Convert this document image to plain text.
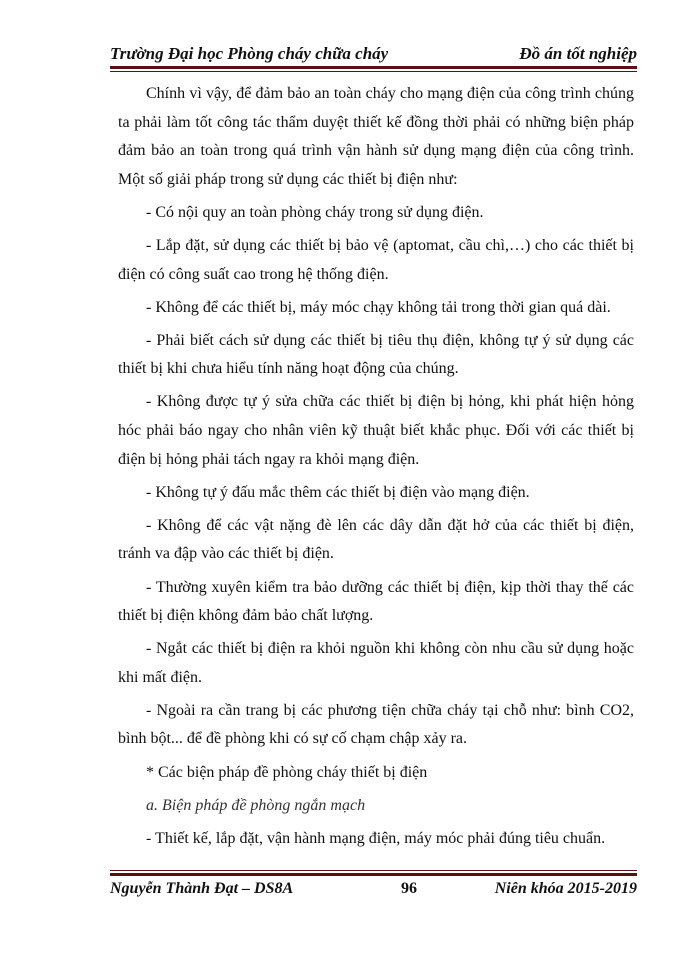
Trường Đại học Phòng cháy chữa cháy	Đồ án tốt nghiệp

Chính vì vậy, để đảm bảo an toàn cháy cho mạng điện của công trình chúng ta phải làm tốt công tác thẩm duyệt thiết kế đồng thời phải có những biện pháp đảm bảo an toàn trong quá trình vận hành sử dụng mạng điện của công trình. Một số giải pháp trong sử dụng các thiết bị điện như:

- Có nội quy an toàn phòng cháy trong sử dụng điện.

- Lắp đặt, sử dụng các thiết bị bảo vệ (aptomat, cầu chì,…) cho các thiết bị điện có công suất cao trong hệ thống điện.

- Không để các thiết bị, máy móc chạy không tải trong thời gian quá dài.

- Phải biết cách sử dụng các thiết bị tiêu thụ điện, không tự ý sử dụng các thiết bị khi chưa hiểu tính năng hoạt động của chúng.

- Không được tự ý sửa chữa các thiết bị điện bị hỏng, khi phát hiện hỏng hóc phải báo ngay cho nhân viên kỹ thuật biết khắc phục. Đối với các thiết bị điện bị hỏng phải tách ngay ra khỏi mạng điện.

- Không tự ý đấu mắc thêm các thiết bị điện vào mạng điện.

- Không để các vật nặng đè lên các dây dẫn đặt hở của các thiết bị điện, tránh va đập vào các thiết bị điện.

- Thường xuyên kiểm tra bảo dưỡng các thiết bị điện, kịp thời thay thế các thiết bị điện không đảm bảo chất lượng.

- Ngắt các thiết bị điện ra khỏi nguồn khi không còn nhu cầu sử dụng hoặc khi mất điện.

- Ngoài ra cần trang bị các phương tiện chữa cháy tại chỗ như: bình CO2, bình bột... để đề phòng khi có sự cố chạm chập xảy ra.

* Các biện pháp đề phòng cháy thiết bị điện

a. Biện pháp đề phòng ngắn mạch

- Thiết kế, lắp đặt, vận hành mạng điện, máy móc phải đúng tiêu chuẩn.

Nguyễn Thành Đạt – DS8A	96	Niên khóa 2015-2019
